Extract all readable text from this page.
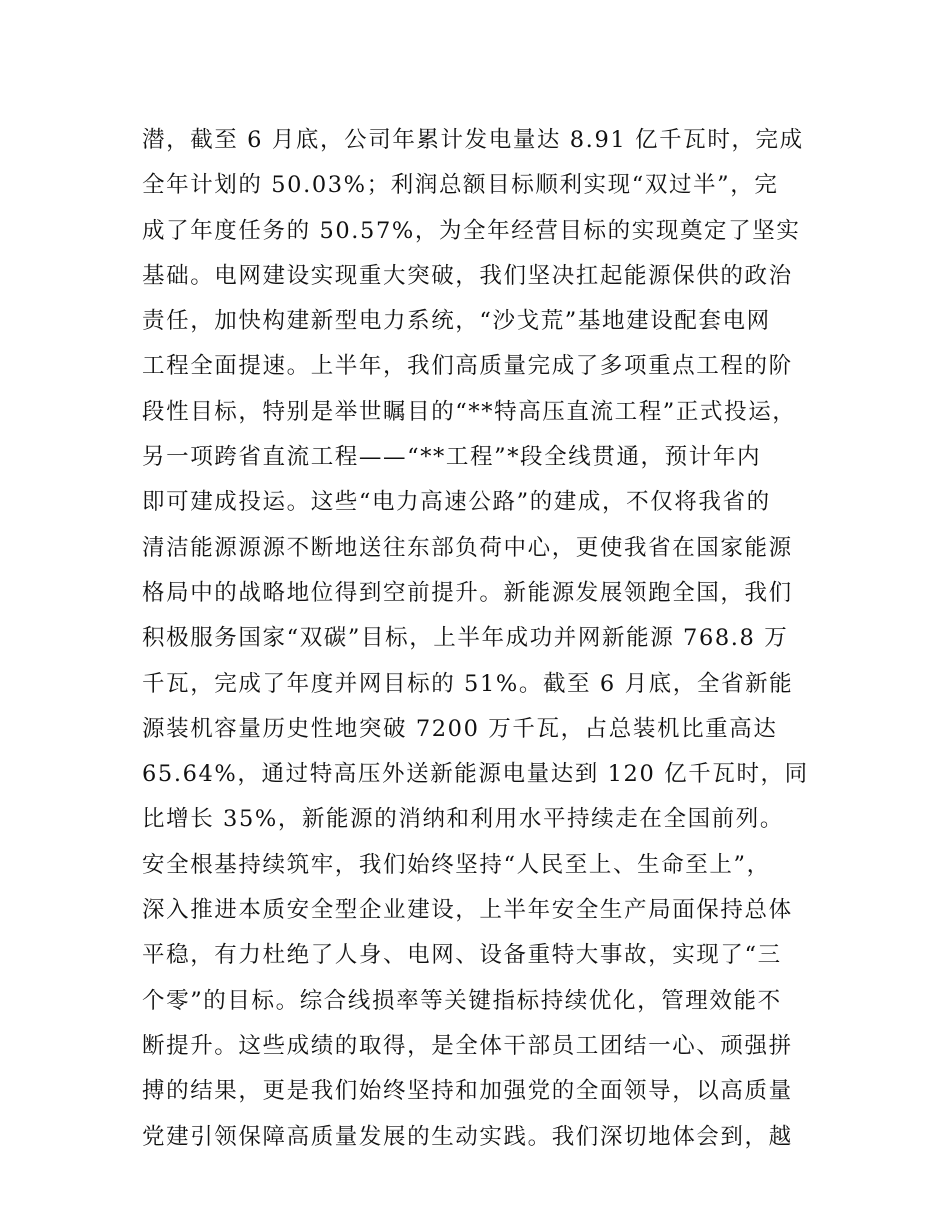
潜，截至 6 月底，公司年累计发电量达 8.91 亿千瓦时，完成
全年计划的 50.03%；利润总额目标顺利实现“双过半”，完
成了年度任务的 50.57%，为全年经营目标的实现奠定了坚实
基础。电网建设实现重大突破，我们坚决扛起能源保供的政治
责任，加快构建新型电力系统，“沙戈荒”基地建设配套电网
工程全面提速。上半年，我们高质量完成了多项重点工程的阶
段性目标，特别是举世瞩目的“**特高压直流工程”正式投运，
另一项跨省直流工程——“**工程”*段全线贯通，预计年内
即可建成投运。这些“电力高速公路”的建成，不仅将我省的
清洁能源源源不断地送往东部负荷中心，更使我省在国家能源
格局中的战略地位得到空前提升。新能源发展领跑全国，我们
积极服务国家“双碳”目标，上半年成功并网新能源 768.8 万
千瓦，完成了年度并网目标的 51%。截至 6 月底，全省新能
源装机容量历史性地突破 7200 万千瓦，占总装机比重高达
65.64%，通过特高压外送新能源电量达到 120 亿千瓦时，同
比增长 35%，新能源的消纳和利用水平持续走在全国前列。
安全根基持续筑牢，我们始终坚持“人民至上、生命至上”，
深入推进本质安全型企业建设，上半年安全生产局面保持总体
平稳，有力杜绝了人身、电网、设备重特大事故，实现了“三
个零”的目标。综合线损率等关键指标持续优化，管理效能不
断提升。这些成绩的取得，是全体干部员工团结一心、顽强拼
搏的结果，更是我们始终坚持和加强党的全面领导，以高质量
党建引领保障高质量发展的生动实践。我们深切地体会到，越
